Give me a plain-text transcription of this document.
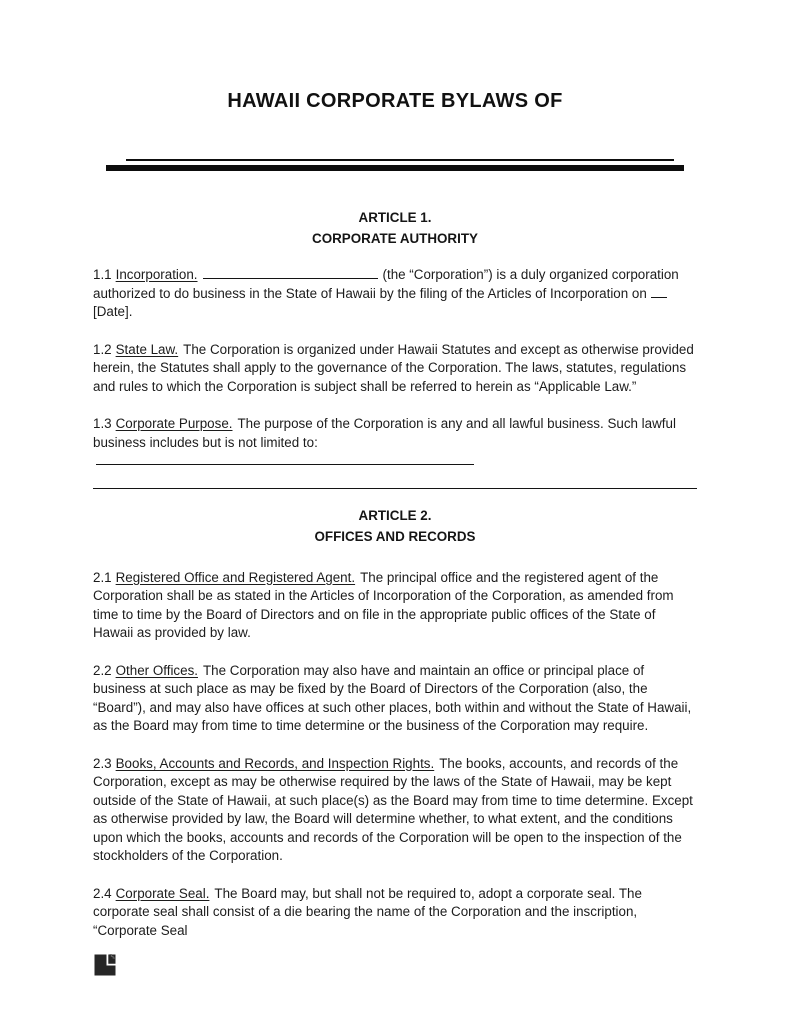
HAWAII CORPORATE BYLAWS OF
ARTICLE 1.
CORPORATE AUTHORITY

1.1 Incorporation.	(the “Corporation”) is a duly organized corporation authorized to do business in the State of Hawaii by the filing of the Articles of Incorporation on[Date].

1.2 State Law. The Corporation is organized under Hawaii Statutes and except as otherwise provided herein, the Statutes shall apply to the governance of the Corporation. The laws, statutes, regulations and rules to which the Corporation is subject shall be referred to herein as “Applicable Law.”

1.3 Corporate Purpose. The purpose of the Corporation is any and all lawful business. Such lawful business includes but is not limited to:

ARTICLE 2.
OFFICES AND RECORDS

2.1 Registered Office and Registered Agent. The principal office and the registered agent of the Corporation shall be as stated in the Articles of Incorporation of the Corporation, as amended from time to time by the Board of Directors and on file in the appropriate public offices of the State of Hawaii as provided by law.

2.2 Other Offices. The Corporation may also have and maintain an office or principal place of business at such place as may be fixed by the Board of Directors of the Corporation (also, the “Board”), and may also have offices at such other places, both within and without the State of Hawaii, as the Board may from time to time determine or the business of the Corporation may require.

2.3 Books, Accounts and Records, and Inspection Rights. The books, accounts, and records of the Corporation, except as may be otherwise required by the laws of the State of Hawaii, may be kept outside of the State of Hawaii, at such place(s) as the Board may from time to time determine. Except as otherwise provided by law, the Board will determine whether, to what extent, and the conditions upon which the books, accounts and records of the Corporation will be open to the inspection of the stockholders of the Corporation.

2.4 Corporate Seal. The Board may, but shall not be required to, adopt a corporate seal. The corporate seal shall consist of a die bearing the name of the Corporation and the inscription, “Corporate Seal
